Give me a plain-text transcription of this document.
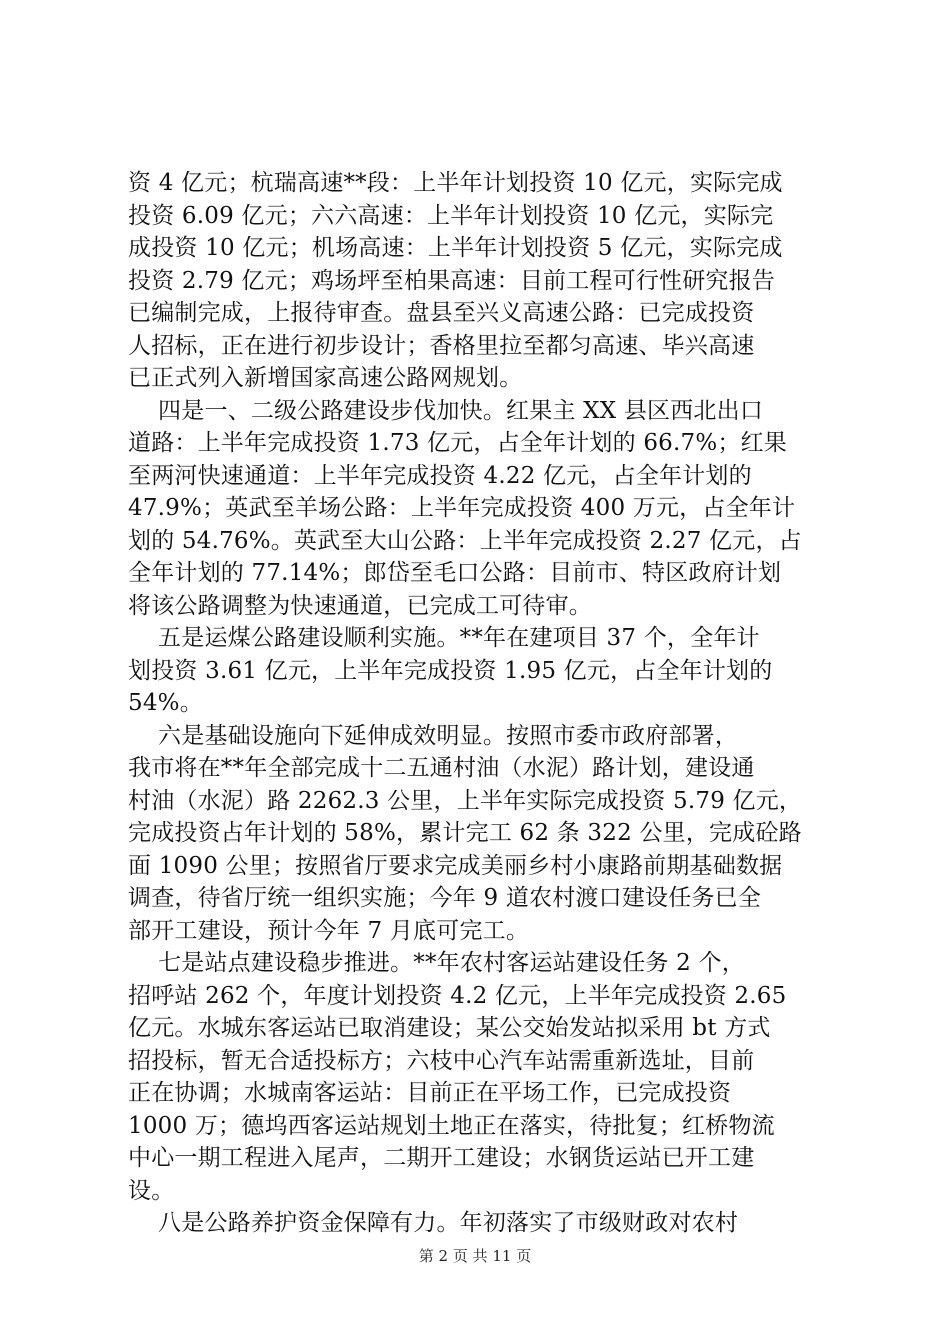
资 4 亿元；杭瑞高速**段：上半年计划投资 10 亿元，实际完成
投资 6.09 亿元；六六高速：上半年计划投资 10 亿元，实际完
成投资 10 亿元；机场高速：上半年计划投资 5 亿元，实际完成
投资 2.79 亿元；鸡场坪至柏果高速：目前工程可行性研究报告
已编制完成，上报待审查。盘县至兴义高速公路：已完成投资
人招标，正在进行初步设计；香格里拉至都匀高速、毕兴高速
已正式列入新增国家高速公路网规划。
四是一、二级公路建设步伐加快。红果主 XX 县区西北出口
道路：上半年完成投资 1.73 亿元，占全年计划的 66.7%；红果
至两河快速通道：上半年完成投资 4.22 亿元，占全年计划的
47.9%；英武至羊场公路：上半年完成投资 400 万元，占全年计
划的 54.76%。英武至大山公路：上半年完成投资 2.27 亿元，占
全年计划的 77.14%；郎岱至毛口公路：目前市、特区政府计划
将该公路调整为快速通道，已完成工可待审。
五是运煤公路建设顺利实施。**年在建项目 37 个，全年计
划投资 3.61 亿元，上半年完成投资 1.95 亿元，占全年计划的
54%。
六是基础设施向下延伸成效明显。按照市委市政府部署，
我市将在**年全部完成十二五通村油（水泥）路计划，建设通
村油（水泥）路 2262.3 公里，上半年实际完成投资 5.79 亿元，
完成投资占年计划的 58%，累计完工 62 条 322 公里，完成砼路
面 1090 公里；按照省厅要求完成美丽乡村小康路前期基础数据
调查，待省厅统一组织实施；今年 9 道农村渡口建设任务已全
部开工建设，预计今年 7 月底可完工。
七是站点建设稳步推进。**年农村客运站建设任务 2 个，
招呼站 262 个，年度计划投资 4.2 亿元，上半年完成投资 2.65
亿元。水城东客运站已取消建设；某公交始发站拟采用 bt 方式
招投标，暂无合适投标方；六枝中心汽车站需重新选址，目前
正在协调；水城南客运站：目前正在平场工作，已完成投资
1000 万；德坞西客运站规划土地正在落实，待批复；红桥物流
中心一期工程进入尾声，二期开工建设；水钢货运站已开工建
设。
八是公路养护资金保障有力。年初落实了市级财政对农村
第 2 页 共 11 页
